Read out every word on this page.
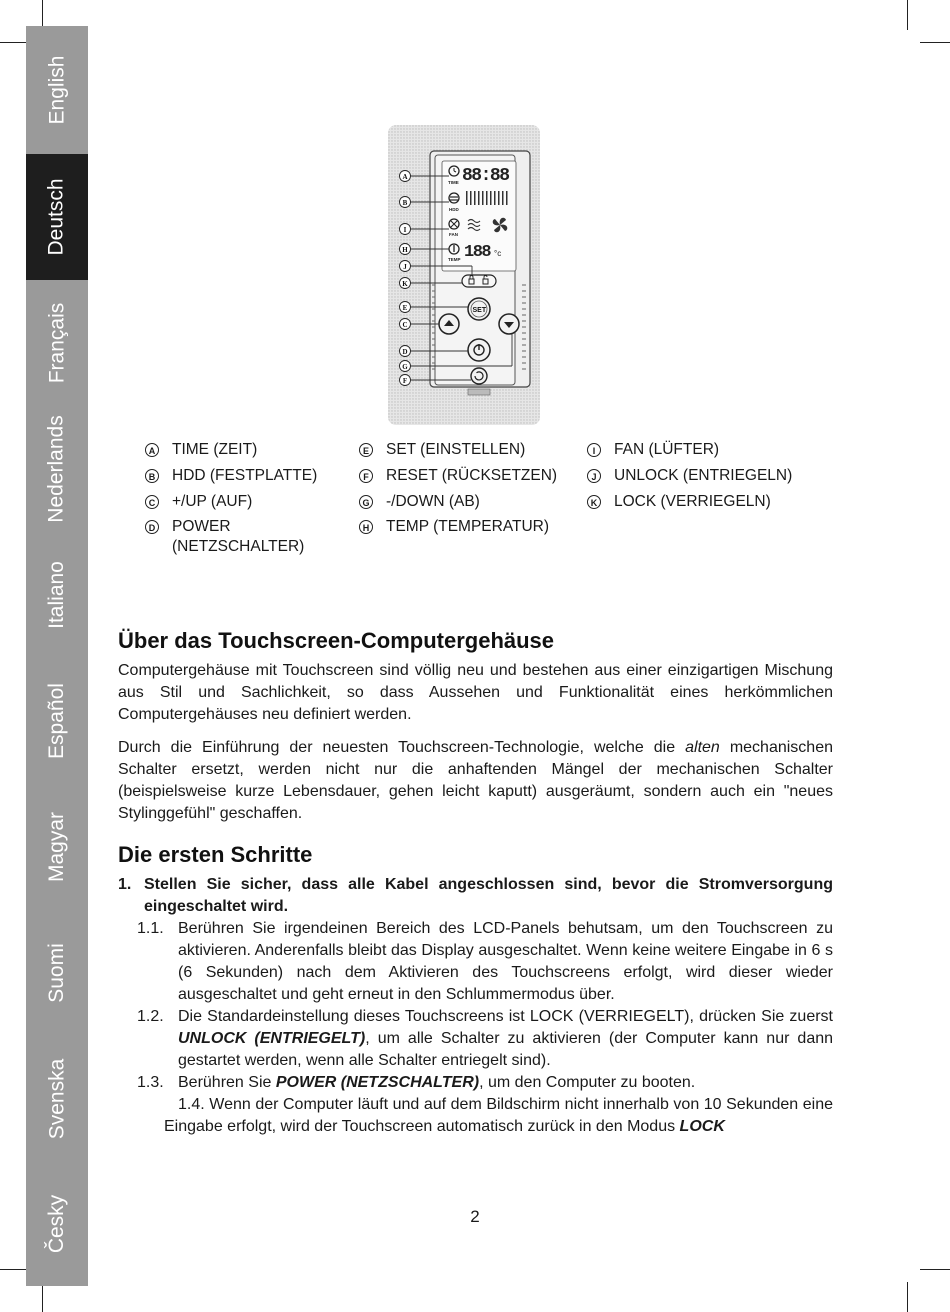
English
Deutsch
Français
Nederlands
Italiano
Español
Magyar
Suomi
Svenska
Česky
TIME 88:88
HDD
FAN
TEMP 188 °c
SET
A
B
I
H
J
K
E
C
D
G
F
A TIME (ZEIT)
B HDD (FESTPLATTE)
C +/UP (AUF)
D POWER (NETZSCHALTER)
E SET (EINSTELLEN)
F RESET (RÜCKSETZEN)
G -/DOWN (AB)
H TEMP (TEMPERATUR)
I	FAN (LÜFTER)
J UNLOCK (ENTRIEGELN)
K LOCK (VERRIEGELN)
Über das Touchscreen-Computergehäuse

Computergehäuse mit Touchscreen sind völlig neu und bestehen aus einer einzigartigen Mischung aus Stil und Sachlichkeit, so dass Aussehen und Funktionalität eines herkömmlichen Computergehäuses neu definiert werden.

Durch die Einführung der neuesten Touchscreen-Technologie, welche die alten mechanischen Schalter ersetzt, werden nicht nur die anhaftenden Mängel der mechanischen Schalter (beispielsweise kurze Lebensdauer, gehen leicht kaputt) ausgeräumt, sondern auch ein "neues Stylinggefühl" geschaffen.

Die ersten Schritte
1. Stellen Sie sicher, dass alle Kabel angeschlossen sind, bevor die Stromversorgung eingeschaltet wird.
1.1. Berühren Sie irgendeinen Bereich des LCD-Panels behutsam, um den Touchscreen zu aktivieren. Anderenfalls bleibt das Display ausgeschaltet. Wenn keine weitere Eingabe in 6 s (6 Sekunden) nach dem Aktivieren des Touchscreens erfolgt, wird dieser wieder ausgeschaltet und geht erneut in den Schlummermodus über.
1.2. Die Standardeinstellung dieses Touchscreens ist LOCK (VERRIEGELT), drücken Sie zuerst UNLOCK (ENTRIEGELT), um alle Schalter zu aktivieren (der Computer kann nur dann gestartet werden, wenn alle Schalter entriegelt sind).
1.3. Berühren Sie POWER (NETZSCHALTER), um den Computer zu booten.
1.4. Wenn der Computer läuft und auf dem Bildschirm nicht innerhalb von 10 Sekunden eine Eingabe erfolgt, wird der Touchscreen automatisch zurück in den Modus LOCK
2
